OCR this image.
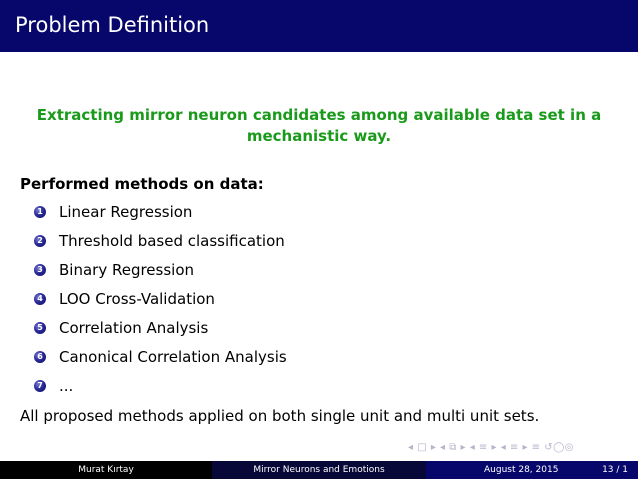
Problem Definition
Extracting mirror neuron candidates among available data set in a
mechanistic way.
Performed methods on data:
1 Linear Regression
2 Threshold based classification
3 Binary Regression
4 LOO Cross-Validation
5 Correlation Analysis
6 Canonical Correlation Analysis
7 ...
All proposed methods applied on both single unit and multi unit sets.
◂ □ ▸ ◂ ⧉ ▸ ◂ ≡ ▸ ◂ ≡ ▸ ≡ ↺◯◎
Murat Kırtay	Mirror Neurons and Emotions	August 28, 2015	13 / 1
